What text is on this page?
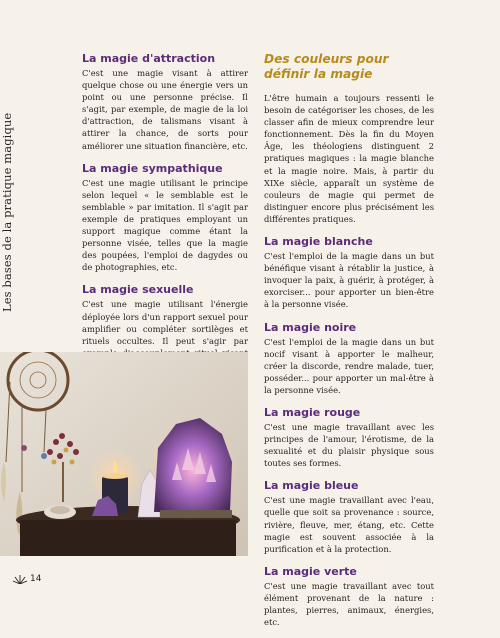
Les bases de la pratique magique
La magie d'attraction

C'est une magie visant à attirer quelque chose ou une énergie vers un point ou une personne précise. Il s'agit, par exemple, de magie de la loi d'attraction, de talismans visant à attirer la chance, de sorts pour améliorer une situation financière, etc.

La magie sympathique

C'est une magie utilisant le principe selon lequel « le semblable est le semblable » par imitation. Il s'agit par exemple de pratiques employant un support magique comme étant la personne visée, telles que la magie des poupées, l'emploi de dagydes ou de photographies, etc.

La magie sexuelle

C'est une magie utilisant l'énergie déployée lors d'un rapport sexuel pour amplifier ou compléter sortilèges et rituels occultes. Il peut s'agir par

Des couleurs pour définir la magie

L'être humain a toujours ressenti le besoin de catégoriser les choses, de les classer afin de mieux comprendre leur fonctionnement. Dès la fin du Moyen Âge, les théologiens distinguent 2 pratiques magiques : la magie blanche et la magie noire. Mais, à partir du XIXe siècle, apparaît un système de couleurs de magie qui permet de distinguer encore plus précisément les différentes pratiques.

La magie blanche

C'est l'emploi de la magie dans un but bénéfique visant à rétablir la justice, à invoquer la paix, à guérir, à protéger, à exorciser... pour apporter un bien-être à la personne visée.

La magie noire

C'est l'emploi de la magie dans un but nocif visant à apporter le malheur, créer la discorde, rendre malade, tuer, posséder... pour apporter un mal-être à la personne visée.

La magie rouge

C'est une magie travaillant avec les principes de l'amour, l'érotisme, de la sexualité et du plaisir physique sous toutes ses formes.

La magie bleue

C'est une magie travaillant avec l'eau, quelle que soit sa provenance : source, rivière, fleuve, mer, étang, etc. Cette magie est souvent associée à la purification et à la protection.

La magie verte

C'est une magie travaillant avec tout élément provenant de la nature : plantes, pierres, animaux, énergies, etc.

14
